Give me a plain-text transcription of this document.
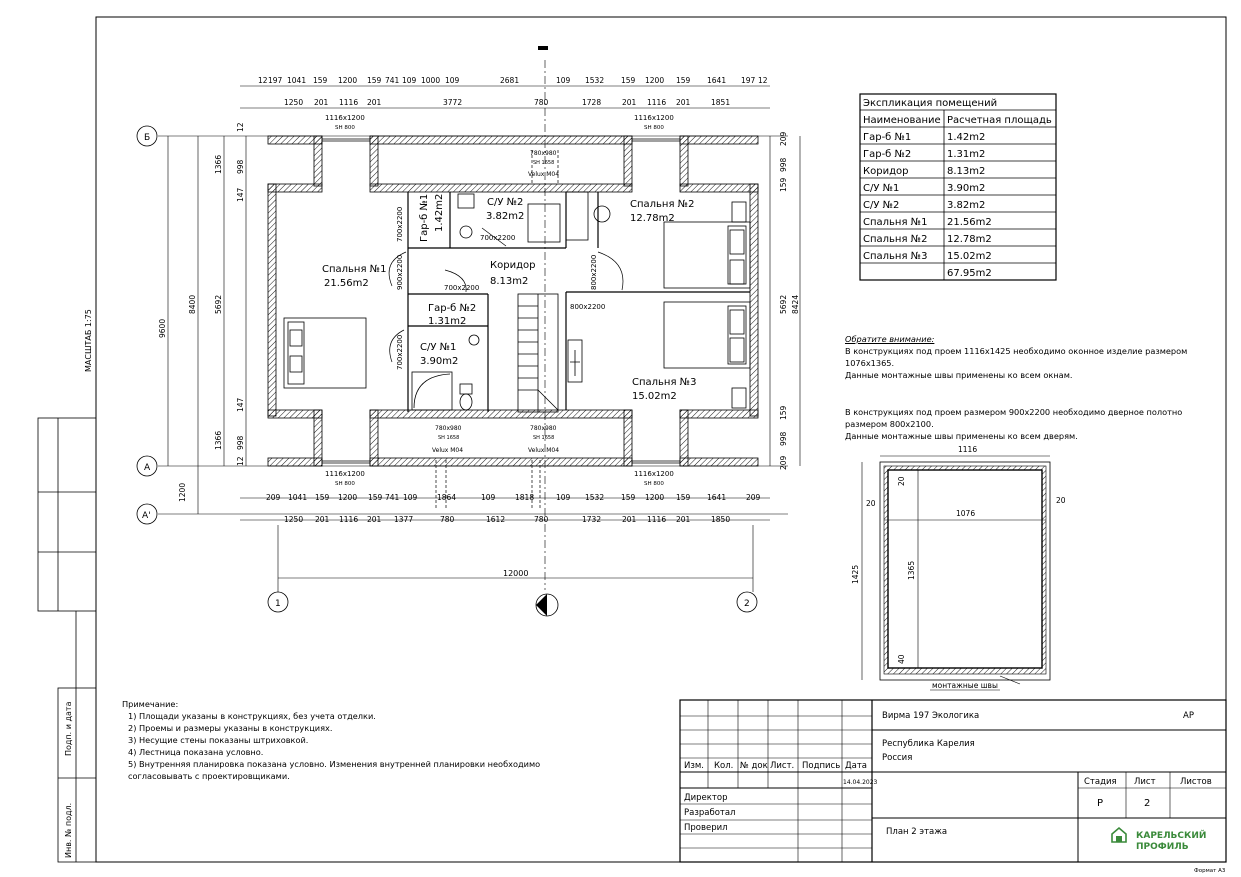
Подп. и дата
Инв. № подл.
МАСШТАБ 1:75
Б
А
А'
1	2
12 197 1041 159 1200 159 741 109 1000 109	2681	109 1532 159 1200 159 1641 197 12
1250 201 1116 201	3772	780	1728	201 1116 201	1851
209 1041 159 1200 159 741 109	1864	109	1818	109 1532 159 1200 159 1641	209
1250 201 1116 201 1377	780	1612	780	1732	201 1116 201	1850
12000
9600
8400 5692
1366 998
12
12
1366 998
147
147
1200
209
998
159
5692 8424
159
998
209
1116x1200
SH 800
1116x1200
SH 800
1116x1200
SH 800
1116x1200
SH 800
780x980
SH 1658
Velux M04
780x980
SH 1658
Velux M04
780x980
SH 1658
Velux M04
700x2200
900x2200
700x2200
700x2200	800x2200
800x2200
700x2200
Спальня №1
21.56m2
Спальня №2
12.78m2
Спальня №3
15.02m2
Коридор
8.13m2
С/У №2
3.82m2
С/У №1
3.90m2
Гар-б №1 1.42m2
Гар-б №2
1.31m2
Экспликация помещений
Наименование Расчетная площадь
Гар-б №1	1.42m2
Гар-б №2	1.31m2
Коридор	8.13m2
С/У №1	3.90m2
С/У №2	3.82m2
Спальня №1 21.56m2
Спальня №2 12.78m2
Спальня №3 15.02m2
67.95m2
1116
1076
1425	1365
20	20
20
40
монтажные швы
Изм. Кол. № док Лист. Подпись Дата
14.04.2023
Директор
Разработал
Проверил
Вирма 197 Экологика	АР
Республика Карелия
Россия
Стадия Лист	Листов
Р	2
План 2 этажа
Формат А3
КАРЕЛЬСКИЙ
ПРОФИЛЬ
Обратите внимание:
В конструкциях под проем 1116х1425 необходимо оконное изделие размером
1076х1365.
Данные монтажные швы применены ко всем окнам.
В конструкциях под проем размером 900х2200 необходимо дверное полотно
размером 800х2100.
Данные монтажные швы применены ко всем дверям.
Примечание:
1) Площади указаны в конструкциях, без учета отделки.
2) Проемы и размеры указаны в конструкциях.
3) Несущие стены показаны штриховкой.
4) Лестница показана условно.
5) Внутренняя планировка показана условно. Изменения внутренней планировки необходимо
согласовывать с проектировщиками.
